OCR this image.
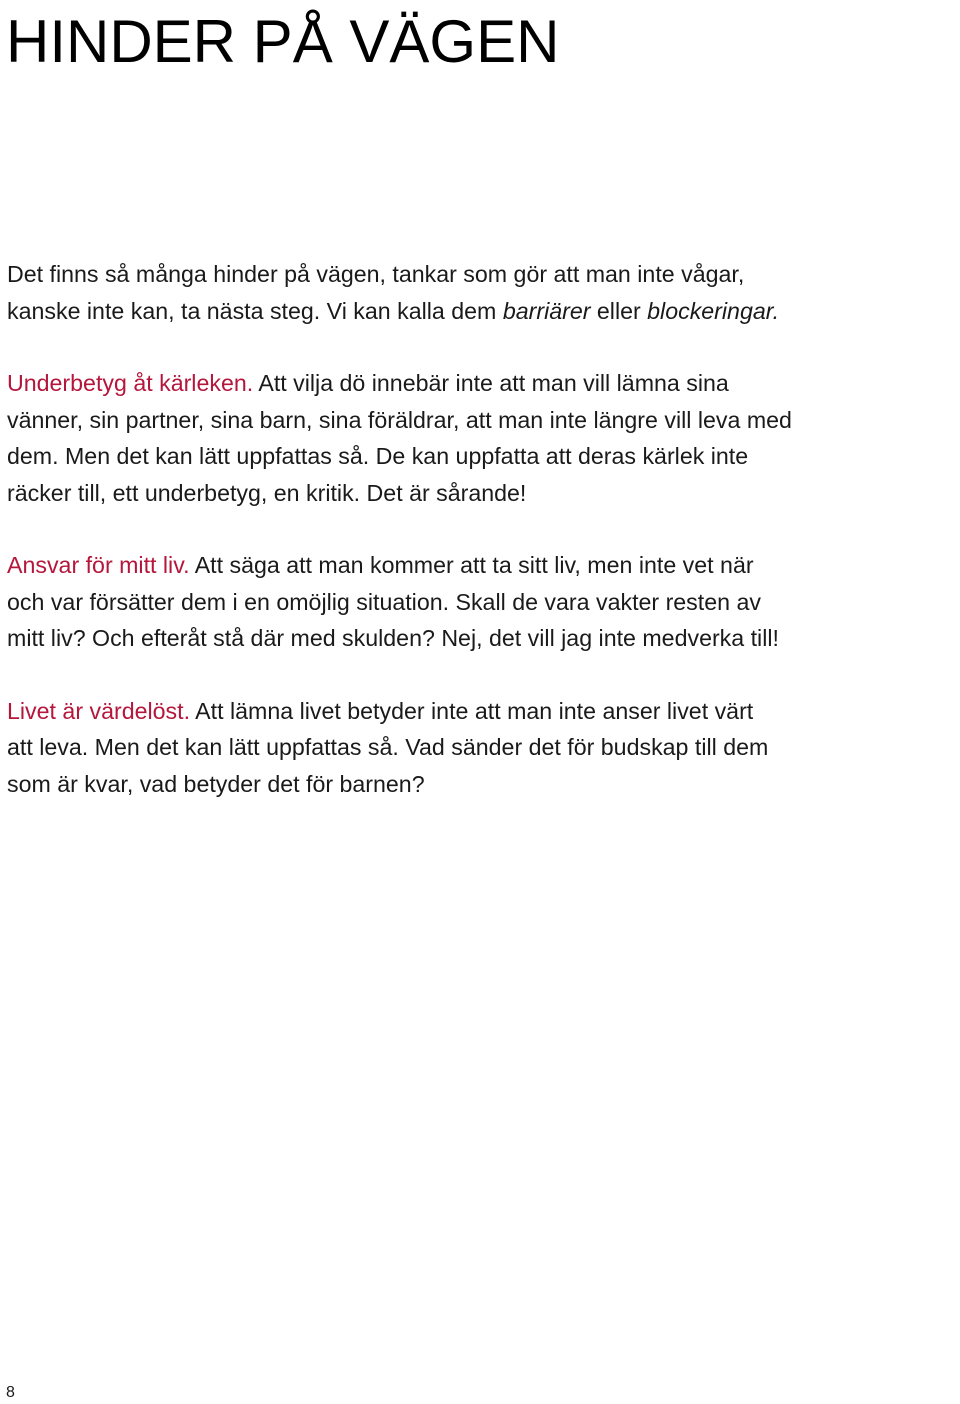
HINDER PÅ VÄGEN

Det finns så många hinder på vägen, tankar som gör att man inte vågar,
kanske inte kan, ta nästa steg. Vi kan kalla dem barriärer eller blockeringar.

Underbetyg åt kärleken. Att vilja dö innebär inte att man vill lämna sina
vänner, sin partner, sina barn, sina föräldrar, att man inte längre vill leva med
dem. Men det kan lätt uppfattas så. De kan uppfatta att deras kärlek inte
räcker till, ett underbetyg, en kritik. Det är sårande!

Ansvar för mitt liv. Att säga att man kommer att ta sitt liv, men inte vet när
och var försätter dem i en omöjlig situation. Skall de vara vakter resten av
mitt liv? Och efteråt stå där med skulden? Nej, det vill jag inte medverka till!

Livet är värdelöst. Att lämna livet betyder inte att man inte anser livet värt
att leva. Men det kan lätt uppfattas så. Vad sänder det för budskap till dem
som är kvar, vad betyder det för barnen?

8
